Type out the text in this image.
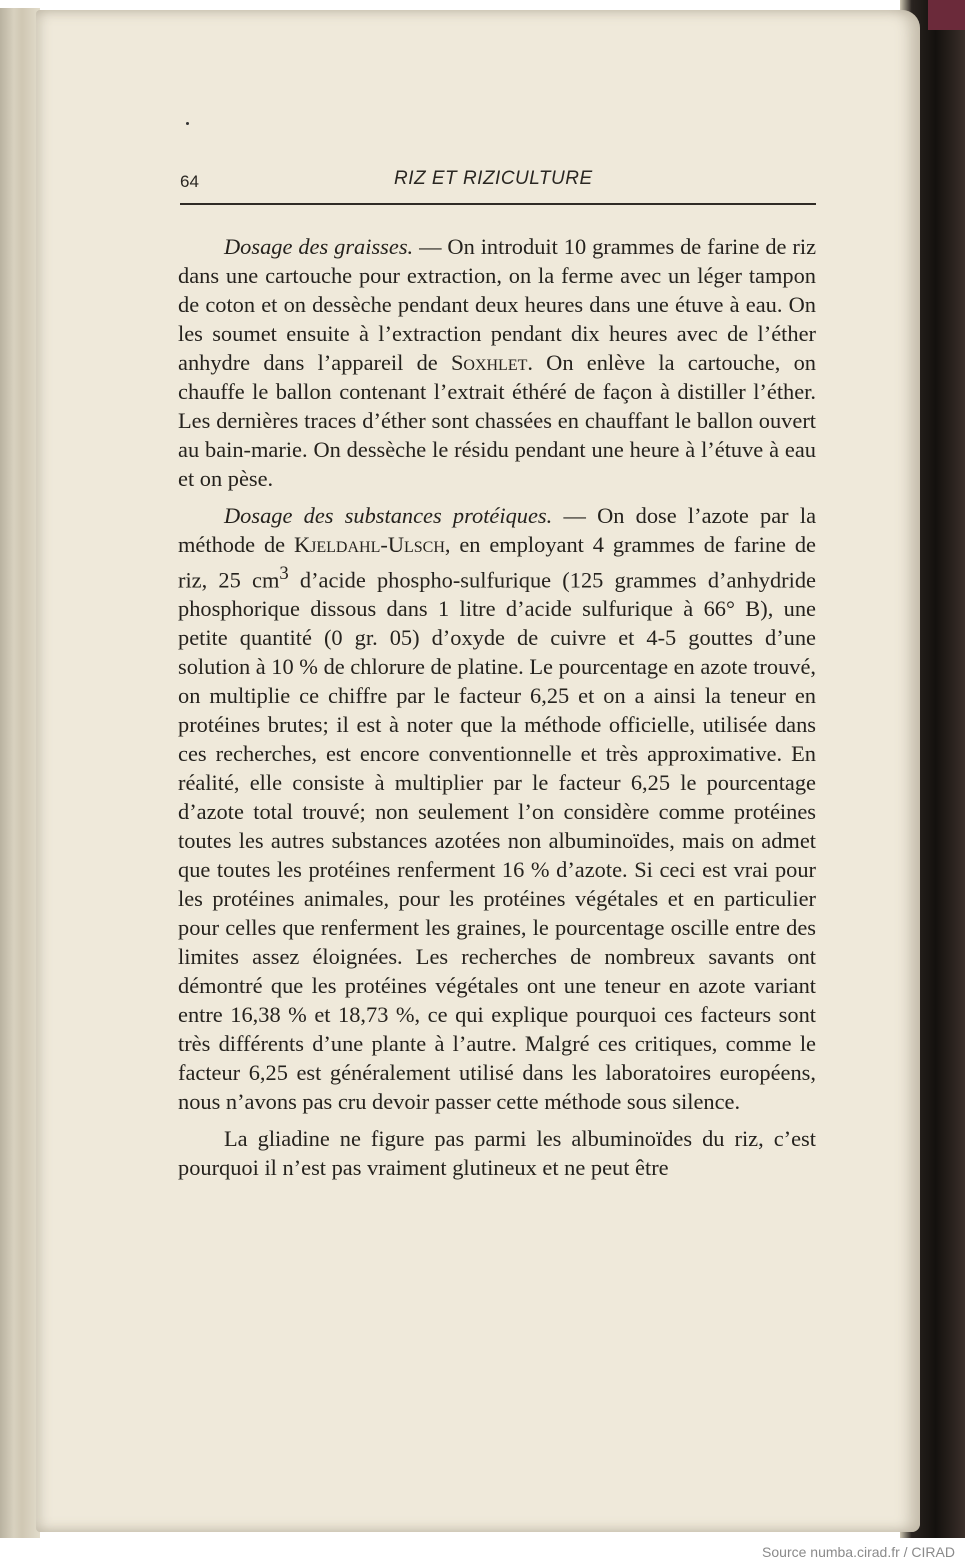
64	RIZ ET RIZICULTURE

Dosage des graisses. — On introduit 10 grammes de farine de riz dans une cartouche pour extraction, on la ferme avec un léger tampon de coton et on dessèche pendant deux heures dans une étuve à eau. On les soumet ensuite à l’extraction pendant dix heures avec de l’éther anhydre dans l’appareil de Soxhlet. On enlève la cartouche, on chauffe le ballon contenant l’extrait éthéré de façon à distiller l’éther. Les dernières traces d’éther sont chassées en chauffant le ballon ouvert au bain-marie. On dessèche le résidu pendant une heure à l’étuve à eau et on pèse.

Dosage des substances protéiques. — On dose l’azote par la méthode de Kjeldahl-Ulsch, en employant 4 grammes de farine de riz, 25 $cm^3$ d’acide phospho-sulfurique (125 grammes d’anhydride phosphorique dissous dans 1 litre d’acide sulfurique à 66° B), une petite quantité (0 gr. 05) d’oxyde de cuivre et 4-5 gouttes d’une solution à 10 % de chlorure de platine. Le pourcentage en azote trouvé, on multiplie ce chiffre par le facteur 6,25 et on a ainsi la teneur en protéines brutes; il est à noter que la méthode officielle, utilisée dans ces recherches, est encore conventionnelle et très approximative. En réalité, elle consiste à multiplier par le facteur 6,25 le pourcentage d’azote total trouvé; non seulement l’on considère comme protéines toutes les autres substances azotées non albuminoïdes, mais on admet que toutes les protéines renferment 16 % d’azote. Si ceci est vrai pour les protéines animales, pour les protéines végétales et en particulier pour celles que renferment les graines, le pourcentage oscille entre des limites assez éloignées. Les recherches de nombreux savants ont démontré que les protéines végétales ont une teneur en azote variant entre 16,38 % et 18,73 %, ce qui explique pourquoi ces facteurs sont très différents d’une plante à l’autre. Malgré ces critiques, comme le facteur 6,25 est généralement utilisé dans les laboratoires européens, nous n’avons pas cru devoir passer cette méthode sous silence.

La gliadine ne figure pas parmi les albuminoïdes du riz, c’est pourquoi il n’est pas vraiment glutineux et ne peut être

Source numba.cirad.fr / CIRAD
